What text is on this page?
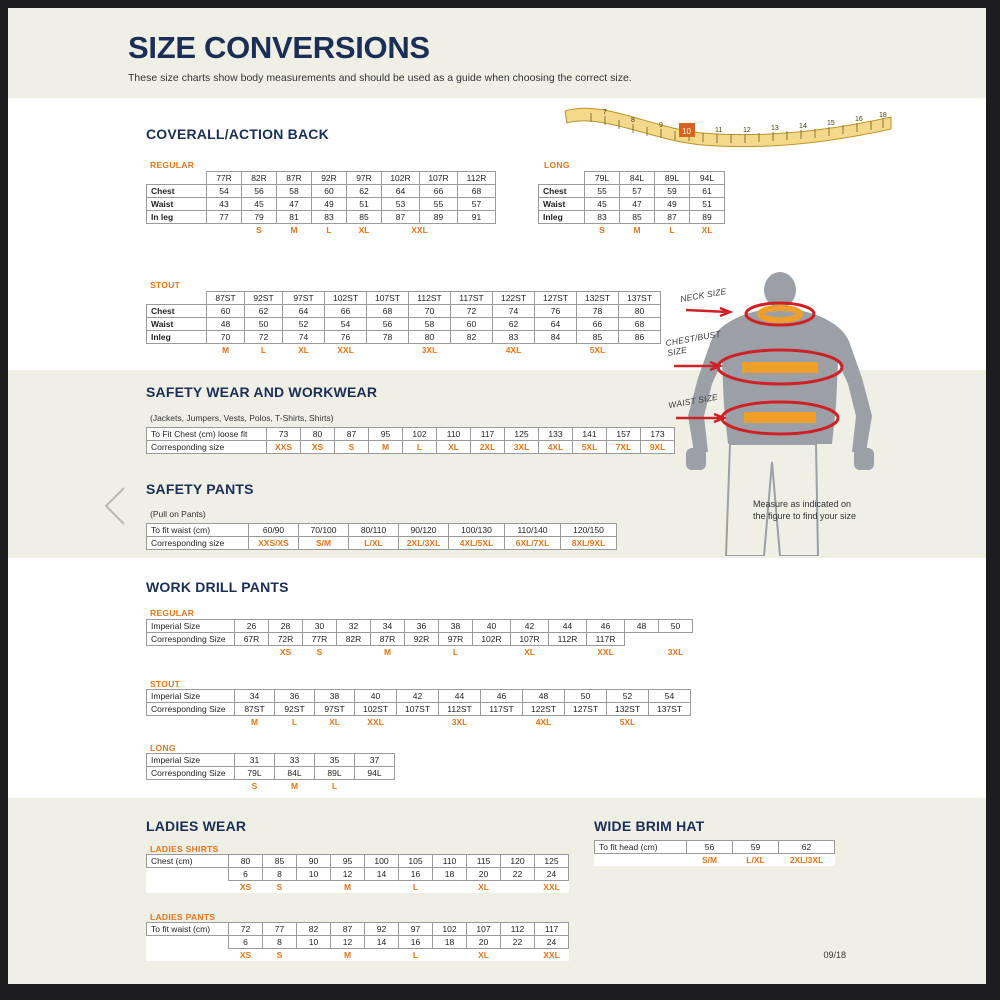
SIZE CONVERSIONS
These size charts show body measurements and should be used as a guide when choosing the correct size.
7
8
9
11	12	13	14	15
16
18
10
COVERALL/ACTION BACK
REGULAR	LONG
	77R	82R	87R	92R	97R	102R	107R	112R
Chest	54	56	58	60	62	64	66	68
Waist	43	45	47	49	51	53	55	57
In leg	77	79	81	83	85	87	89	91
		S	M	L	XL	XXL		
	79L	84L	89L	94L
Chest	55	57	59	61
Waist	45	47	49	51
Inleg	83	85	87	89
	S	M	L	XL
STOUT
	87ST	92ST	97ST	102ST	107ST	112ST	117ST	122ST	127ST	132ST	137ST
Chest	60	62	64	66	68	70	72	74	76	78	80
Waist	48	50	52	54	56	58	60	62	64	66	68
Inleg	70	72	74	76	78	80	82	83	84	85	86
	M	L	XL	XXL		3XL		4XL		5XL	
SAFETY WEAR AND WORKWEAR
(Jackets, Jumpers, Vests, Polos, T-Shirts, Shirts)
To Fit Chest (cm) loose fit	73	80	87	95	102	110	117	125	133	141	157	173
Corresponding size	XXS	XS	S	M	L	XL	2XL	3XL	4XL	5XL	7XL	9XL
SAFETY PANTS
(Pull on Pants)
To fit waist (cm)	60/90	70/100	80/110	90/120	100/130	110/140	120/150
Corresponding size	XXS/XS	S/M	L/XL	2XL/3XL	4XL/5XL	6XL/7XL	8XL/9XL
NECK SIZE
CHEST/BUST SIZE
WAIST SIZE
Measure as indicated on the figure to find your size
WORK DRILL PANTS
REGULAR
Imperial Size	26	28	30	32	34	36	38	40	42	44	46	48	50
Corresponding Size	67R	72R	77R	82R	87R	92R	97R	102R	107R	112R	117R		
		XS	S		M		L		XL		XXL		3XL
STOUT
Imperial Size	34	36	38	40	42	44	46	48	50	52	54
Corresponding Size	87ST	92ST	97ST	102ST	107ST	112ST	117ST	122ST	127ST	132ST	137ST
	M	L	XL	XXL		3XL		4XL		5XL	
LONG
Imperial Size	31	33	35	37
Corresponding Size	79L	84L	89L	94L
	S	M	L	
LADIES WEAR
LADIES SHIRTS
Chest (cm)	80	85	90	95	100	105	110	115	120	125
	6	8	10	12	14	16	18	20	22	24
	XS	S		M		L		XL		XXL
LADIES PANTS
To fit waist (cm)	72	77	82	87	92	97	102	107	112	117
	6	8	10	12	14	16	18	20	22	24
	XS	S		M		L		XL		XXL
WIDE BRIM HAT
To fit head (cm)	56	59	62
	S/M	L/XL	2XL/3XL
09/18
